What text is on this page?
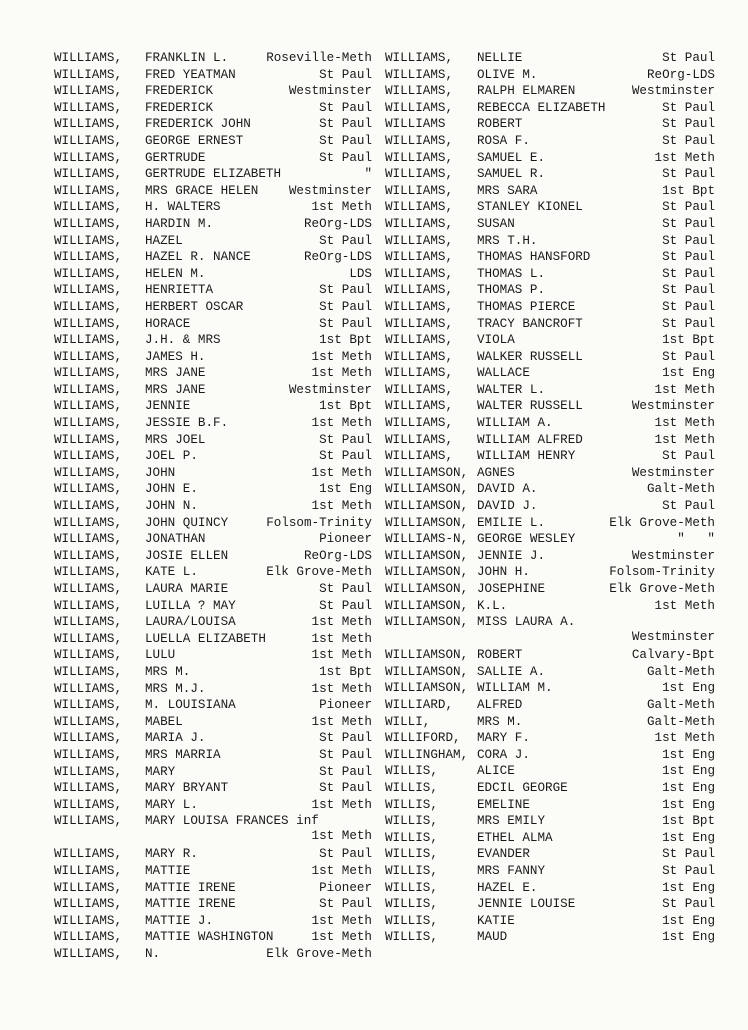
WILLIAMS, FRANKLIN L.	Roseville-Meth
WILLIAMS, FRED YEATMAN	St Paul
WILLIAMS, FREDERICK	Westminster
WILLIAMS, FREDERICK	St Paul
WILLIAMS, FREDERICK JOHN	St Paul
WILLIAMS, GEORGE ERNEST	St Paul
WILLIAMS, GERTRUDE	St Paul
WILLIAMS, GERTRUDE ELIZABETH	"
WILLIAMS, MRS GRACE HELEN Westminster
WILLIAMS, H. WALTERS	1st Meth
WILLIAMS, HARDIN M.	ReOrg-LDS
WILLIAMS, HAZEL	St Paul
WILLIAMS, HAZEL R. NANCE	ReOrg-LDS
WILLIAMS, HELEN M.	LDS
WILLIAMS, HENRIETTA	St Paul
WILLIAMS, HERBERT OSCAR	St Paul
WILLIAMS, HORACE	St Paul
WILLIAMS, J.H. & MRS	1st Bpt
WILLIAMS, JAMES H.	1st Meth
WILLIAMS, MRS JANE	1st Meth
WILLIAMS, MRS JANE	Westminster
WILLIAMS, JENNIE	1st Bpt
WILLIAMS, JESSIE B.F.	1st Meth
WILLIAMS, MRS JOEL	St Paul
WILLIAMS, JOEL P.	St Paul
WILLIAMS, JOHN	1st Meth
WILLIAMS, JOHN E.	1st Eng
WILLIAMS, JOHN N.	1st Meth
WILLIAMS, JOHN QUINCY	Folsom-Trinity
WILLIAMS, JONATHAN	Pioneer
WILLIAMS, JOSIE ELLEN	ReOrg-LDS
WILLIAMS, KATE L.	Elk Grove-Meth
WILLIAMS, LAURA MARIE	St Paul
WILLIAMS, LUILLA ? MAY	St Paul
WILLIAMS, LAURA/LOUISA	1st Meth
WILLIAMS, LUELLA ELIZABETH	1st Meth
WILLIAMS, LULU	1st Meth
WILLIAMS, MRS M.	1st Bpt
WILLIAMS, MRS M.J.	1st Meth
WILLIAMS, M. LOUISIANA	Pioneer
WILLIAMS, MABEL	1st Meth
WILLIAMS, MARIA J.	St Paul
WILLIAMS, MRS MARRIA	St Paul
WILLIAMS, MARY	St Paul
WILLIAMS, MARY BRYANT	St Paul
WILLIAMS, MARY L.	1st Meth
WILLIAMS, MARY LOUISA FRANCES inf
1st Meth
WILLIAMS, MARY R.	St Paul
WILLIAMS, MATTIE	1st Meth
WILLIAMS, MATTIE IRENE	Pioneer
WILLIAMS, MATTIE IRENE	St Paul
WILLIAMS, MATTIE J.	1st Meth
WILLIAMS, MATTIE WASHINGTON	1st Meth
WILLIAMS, N.	Elk Grove-Meth
WILLIAMS, NELLIE	St Paul
WILLIAMS, OLIVE M.	ReOrg-LDS
WILLIAMS, RALPH ELMAREN	Westminster
WILLIAMS, REBECCA ELIZABETH	St Paul
WILLIAMS	ROBERT	St Paul
WILLIAMS, ROSA F.	St Paul
WILLIAMS, SAMUEL E.	1st Meth
WILLIAMS, SAMUEL R.	St Paul
WILLIAMS, MRS SARA	1st Bpt
WILLIAMS, STANLEY KIONEL	St Paul
WILLIAMS, SUSAN	St Paul
WILLIAMS, MRS T.H.	St Paul
WILLIAMS, THOMAS HANSFORD	St Paul
WILLIAMS, THOMAS L.	St Paul
WILLIAMS, THOMAS P.	St Paul
WILLIAMS, THOMAS PIERCE	St Paul
WILLIAMS, TRACY BANCROFT	St Paul
WILLIAMS, VIOLA	1st Bpt
WILLIAMS, WALKER RUSSELL	St Paul
WILLIAMS, WALLACE	1st Eng
WILLIAMS, WALTER L.	1st Meth
WILLIAMS, WALTER RUSSELL	Westminster
WILLIAMS, WILLIAM A.	1st Meth
WILLIAMS, WILLIAM ALFRED	1st Meth
WILLIAMS, WILLIAM HENRY	St Paul
WILLIAMSON, AGNES	Westminster
WILLIAMSON, DAVID A.	Galt-Meth
WILLIAMSON, DAVID J.	St Paul
WILLIAMSON, EMILIE L.	Elk Grove-Meth
WILLIAMS-N, GEORGE WESLEY	"   "
WILLIAMSON, JENNIE J.	Westminster
WILLIAMSON, JOHN H.	Folsom-Trinity
WILLIAMSON, JOSEPHINE	Elk Grove-Meth
WILLIAMSON, K.L.	1st Meth
WILLIAMSON, MISS LAURA A.
Westminster
WILLIAMSON, ROBERT	Calvary-Bpt
WILLIAMSON, SALLIE A.	Galt-Meth
WILLIAMSON, WILLIAM M.	1st Eng
WILLIARD, ALFRED	Galt-Meth
WILLI,	MRS M.	Galt-Meth
WILLIFORD, MARY F.	1st Meth
WILLINGHAM, CORA J.	1st Eng
WILLIS,	ALICE	1st Eng
WILLIS,	EDCIL GEORGE	1st Eng
WILLIS,	EMELINE	1st Eng
WILLIS,	MRS EMILY	1st Bpt
WILLIS,	ETHEL ALMA	1st Eng
WILLIS,	EVANDER	St Paul
WILLIS,	MRS FANNY	St Paul
WILLIS,	HAZEL E.	1st Eng
WILLIS,	JENNIE LOUISE	St Paul
WILLIS,	KATIE	1st Eng
WILLIS,	MAUD	1st Eng
